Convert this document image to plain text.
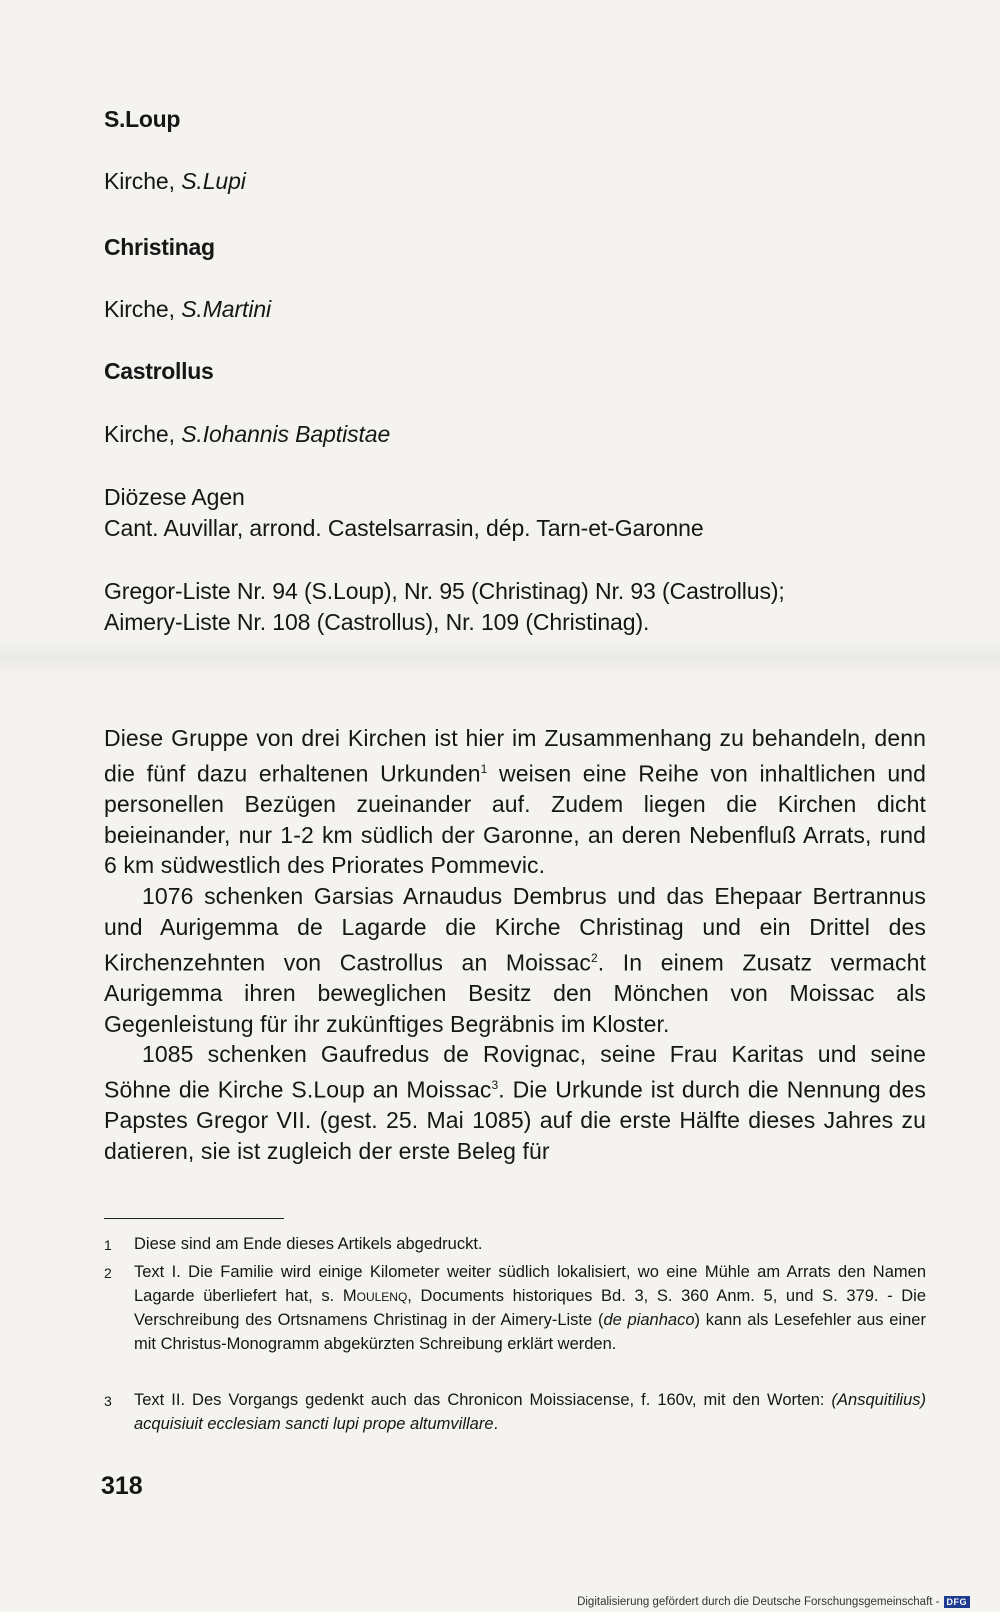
S.Loup
Kirche, S.Lupi
Christinag
Kirche, S.Martini
Castrollus
Kirche, S.Iohannis Baptistae
Diözese Agen
Cant. Auvillar, arrond. Castelsarrasin, dép. Tarn-et-Garonne
Gregor-Liste Nr. 94 (S.Loup), Nr. 95 (Christinag) Nr. 93 (Castrollus);
Aimery-Liste Nr. 108 (Castrollus), Nr. 109 (Christinag).

Diese Gruppe von drei Kirchen ist hier im Zusammenhang zu behandeln, denn die fünf dazu erhaltenen Urkunden$^1$ weisen eine Reihe von inhaltlichen und personellen Bezügen zueinander auf. Zudem liegen die Kirchen dicht beieinander, nur 1-2 km südlich der Garonne, an deren Nebenfluß Arrats, rund 6 km südwestlich des Priorates Pommevic.

1076 schenken Garsias Arnaudus Dembrus und das Ehepaar Bertrannus und Aurigemma de Lagarde die Kirche Christinag und ein Drittel des Kirchenzehnten von Castrollus an Moissac$^2$. In einem Zusatz vermacht Aurigemma ihren beweglichen Besitz den Mönchen von Moissac als Gegenleistung für ihr zukünftiges Begräbnis im Kloster.

1085 schenken Gaufredus de Rovignac, seine Frau Karitas und seine Söhne die Kirche S.Loup an Moissac$^3$. Die Urkunde ist durch die Nennung des Papstes Gregor VII. (gest. 25. Mai 1085) auf die erste Hälfte dieses Jahres zu datieren, sie ist zugleich der erste Beleg für

1	Diese sind am Ende dieses Artikels abgedruckt.
2	Text I. Die Familie wird einige Kilometer weiter südlich lokalisiert, wo eine Mühle am Arrats den Namen Lagarde überliefert hat, s. Moulenq, Documents historiques Bd. 3, S. 360 Anm. 5, und S. 379. - Die Verschreibung des Ortsnamens Christinag in der Aimery-Liste (de pianhaco) kann als Lesefehler aus einer mit Christus-Monogramm abgekürzten Schreibung erklärt werden.
3	Text II. Des Vorgangs gedenkt auch das Chronicon Moissiacense, f. 160v, mit den Worten: (Ansquitilius) acquisiuit ecclesiam sancti lupi prope altumvillare.
318
Digitalisierung gefördert durch die Deutsche Forschungsgemeinschaft - DFG
